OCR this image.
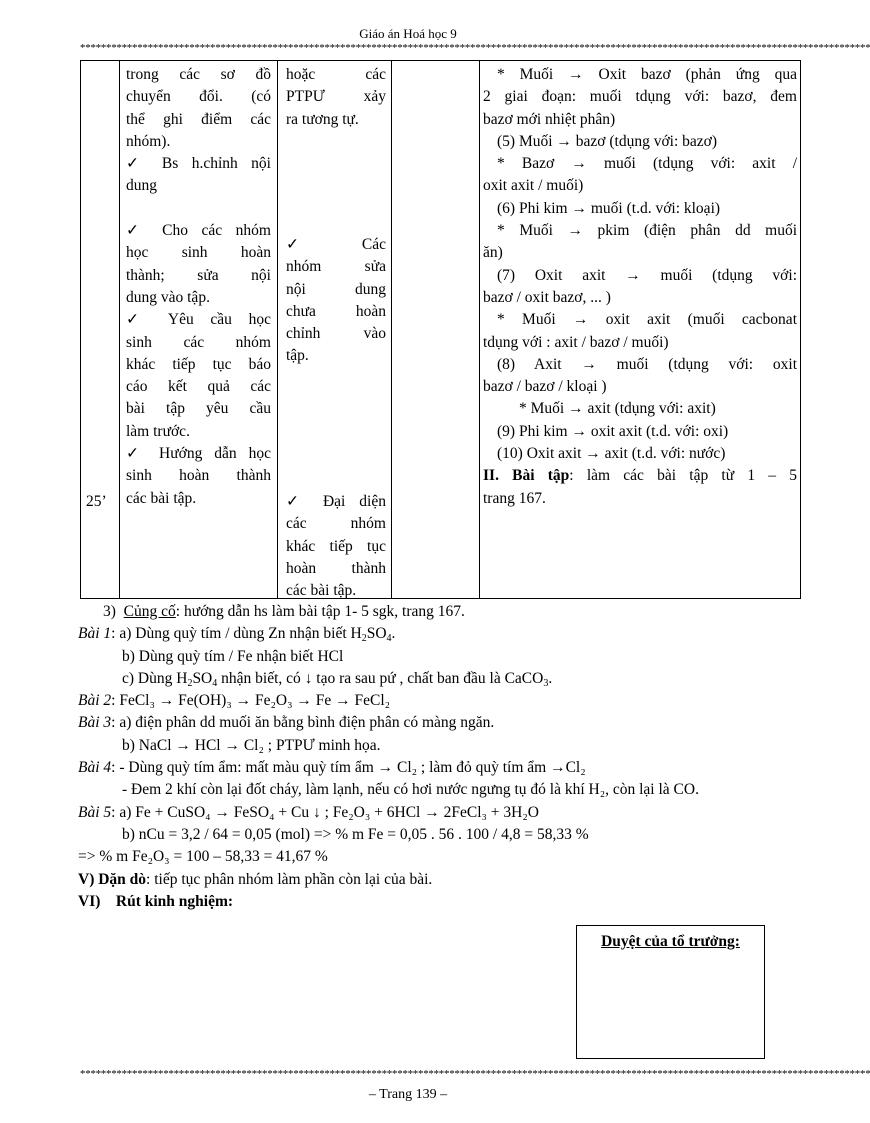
Giáo án Hoá học 9
********************************************************************************************************************************************************
25’

trong các sơ đồ

chuyển đổi. (có

thể ghi điểm các

nhóm).

✓ Bs h.chỉnh nội

dung

✓ Cho các nhóm

học sinh hoàn

thành; sửa nội

dung vào tập.

✓ Yêu cầu học

sinh các nhóm

khác tiếp tục báo

cáo kết quả các

bài tập yêu cầu

làm trước.

✓ Hướng dẫn học

sinh hoàn thành

các bài tập.

hoặc các

PTPƯ xảy

ra tương tự.

✓ Các

nhóm sửa

nội dung

chưa hoàn

chỉnh vào

tập.

✓ Đại diện

các nhóm

khác tiếp tục

hoàn thành

các bài tập.

* Muối → Oxit bazơ (phản ứng qua

2 giai đoạn: muối tdụng với: bazơ, đem

bazơ mới nhiệt phân)

(5) Muối → bazơ (tdụng với: bazơ)

* Bazơ → muối (tdụng với: axit /

oxit axit / muối)

(6) Phi kim → muối (t.d. với: kloại)

* Muối → pkim (điện phân dd muối

ăn)

(7) Oxit axit → muối (tdụng với:

bazơ / oxit bazơ, ... )

* Muối → oxit axit (muối cacbonat

tdụng với : axit / bazơ / muối)

(8) Axit → muối (tdụng với: oxit

bazơ / bazơ / kloại )

* Muối → axit (tdụng với: axit)

(9) Phi kim → oxit axit (t.d. với: oxi)

(10) Oxit axit → axit (t.d. với: nước)

II. Bài tập: làm các bài tập từ 1 – 5

trang 167.

3) Củng cố: hướng dẫn hs làm bài tập 1- 5 sgk, trang 167.

Bài 1: a) Dùng quỳ tím / dùng Zn nhận biết $H_2SO_4$.

b) Dùng quỳ tím / Fe nhận biết HCl

c) Dùng $H_2SO_4$ nhận biết, có ↓ tạo ra sau pứ , chất ban đầu là CaCO$_3$.

Bài 2: FeCl₃ → Fe(OH)₃ → Fe₂O₃ → Fe → FeCl₂

Bài 3: a) điện phân dd muối ăn bằng bình điện phân có màng ngăn.

b) NaCl → HCl → Cl₂ ; PTPƯ minh họa.

Bài 4: - Dùng quỳ tím ẩm: mất màu quỳ tím ẩm → Cl₂ ; làm đỏ quỳ tím ẩm →Cl₂

- Đem 2 khí còn lại đốt cháy, làm lạnh, nếu có hơi nước ngưng tụ đó là khí H₂, còn lại là CO.

Bài 5: a) Fe + CuSO₄ → FeSO₄ + Cu ↓ ; Fe₂O₃ + 6HCl → 2FeCl₃ + 3H₂O

b) nCu = 3,2 / 64 = 0,05 (mol) => % m Fe = 0,05 . 56 . 100 / 4,8 = 58,33 %

=> % m Fe₂O₃ = 100 – 58,33 = 41,67 %

V) Dặn dò: tiếp tục phân nhóm làm phần còn lại của bài.

VI) Rút kinh nghiệm:

Duyệt của tổ trưởng:
********************************************************************************************************************************************************
– Trang 139 –
